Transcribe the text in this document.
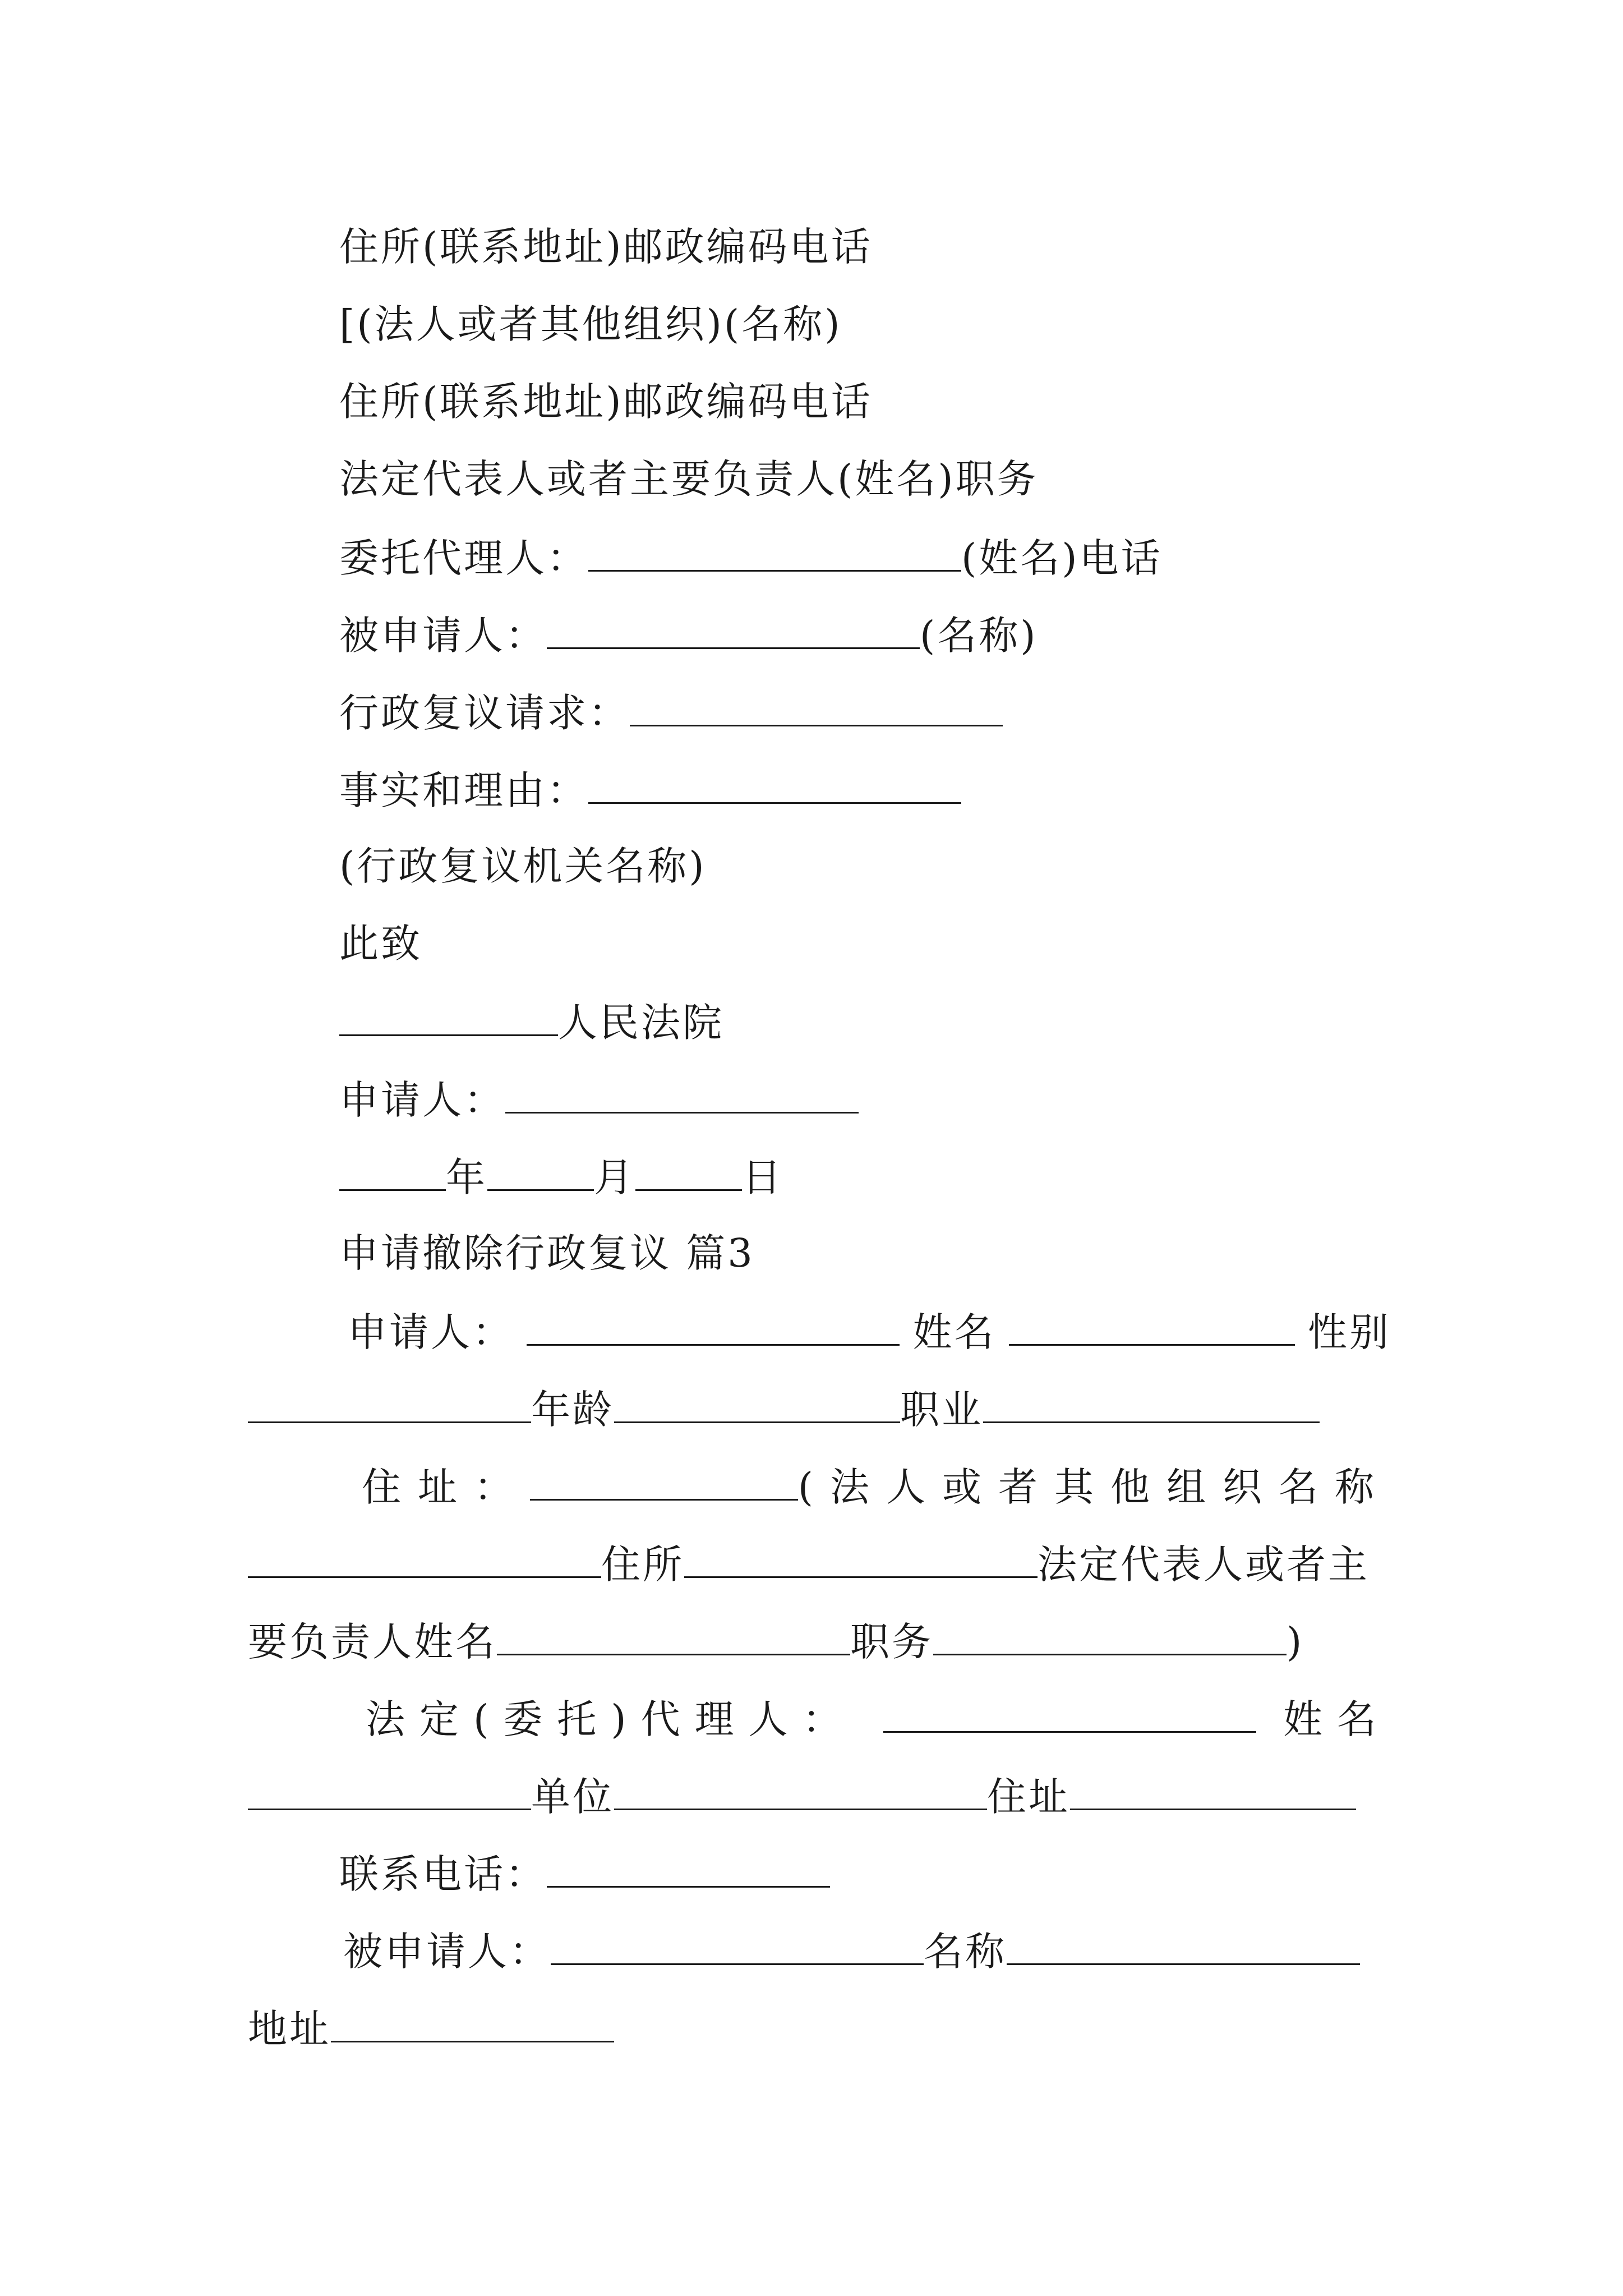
住所(联系地址)邮政编码电话
[(法人或者其他组织)(名称)
住所(联系地址)邮政编码电话
法定代表人或者主要负责人(姓名)职务
委托代理人：	(姓名)电话
被申请人：	(名称)
行政复议请求：
事实和理由：
(行政复议机关名称)
此致
人民法院
申请人：
年	月	日
申请撤除行政复议 篇3
申请人：	姓名	性别
年龄	职业
住址：	(法人或者其他组织名称
住所	法定代表人或者主
要负责人姓名	职务	)
法定(委托)代理人：	姓名
单位	住址
联系电话：
被申请人：	名称
地址
